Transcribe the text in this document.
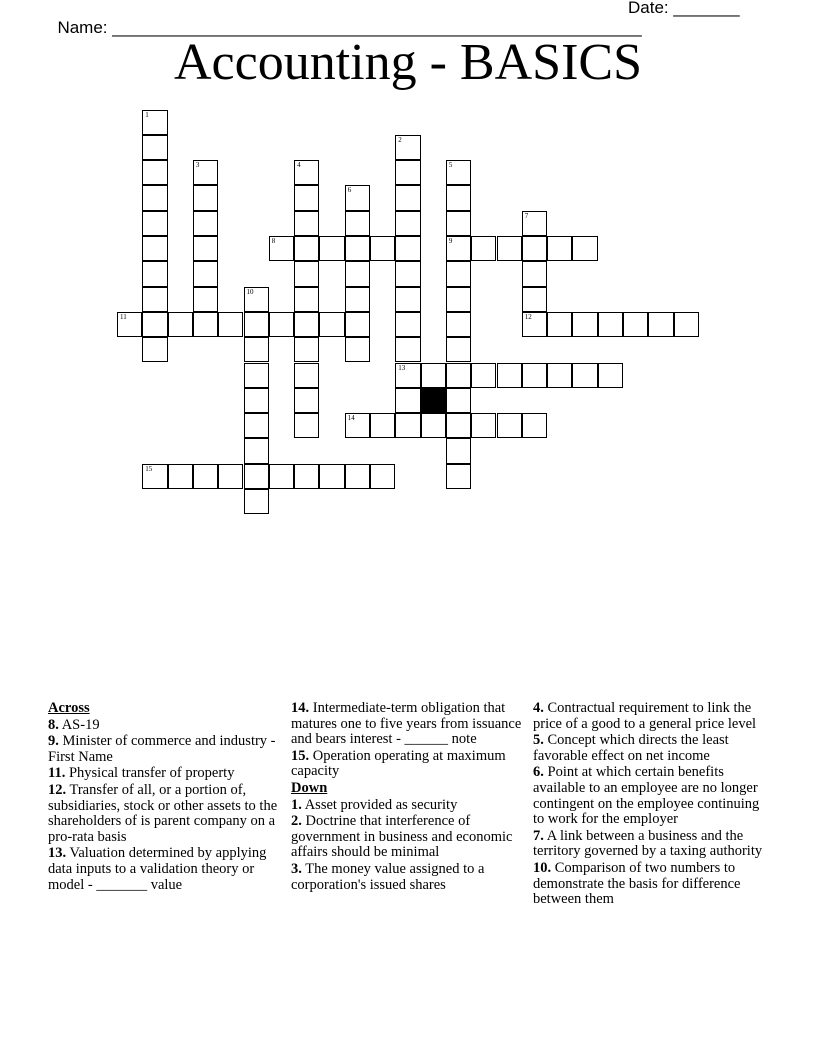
Name: ________________________________________________________

Date: _______

Accounting - BASICS
1
2
13
3	4	5
9
6
7
12
8
10
11
14
15
Across
8. AS-19
9. Minister of commerce and industry - First Name
11. Physical transfer of property
12. Transfer of all, or a portion of, subsidiaries, stock or other assets to the shareholders of is parent company on a pro-rata basis
13. Valuation determined by applying data inputs to a validation theory or model - _______ value
14. Intermediate-term obligation that matures one to five years from issuance and bears interest - ______ note
15. Operation operating at maximum capacity
Down
1. Asset provided as security
2. Doctrine that interference of government in business and economic affairs should be minimal
3. The money value assigned to a corporation's issued shares
4. Contractual requirement to link the price of a good to a general price level
5. Concept which directs the least favorable effect on net income
6. Point at which certain benefits available to an employee are no longer contingent on the employee continuing to work for the employer
7. A link between a business and the territory governed by a taxing authority
10. Comparison of two numbers to demonstrate the basis for difference between them
